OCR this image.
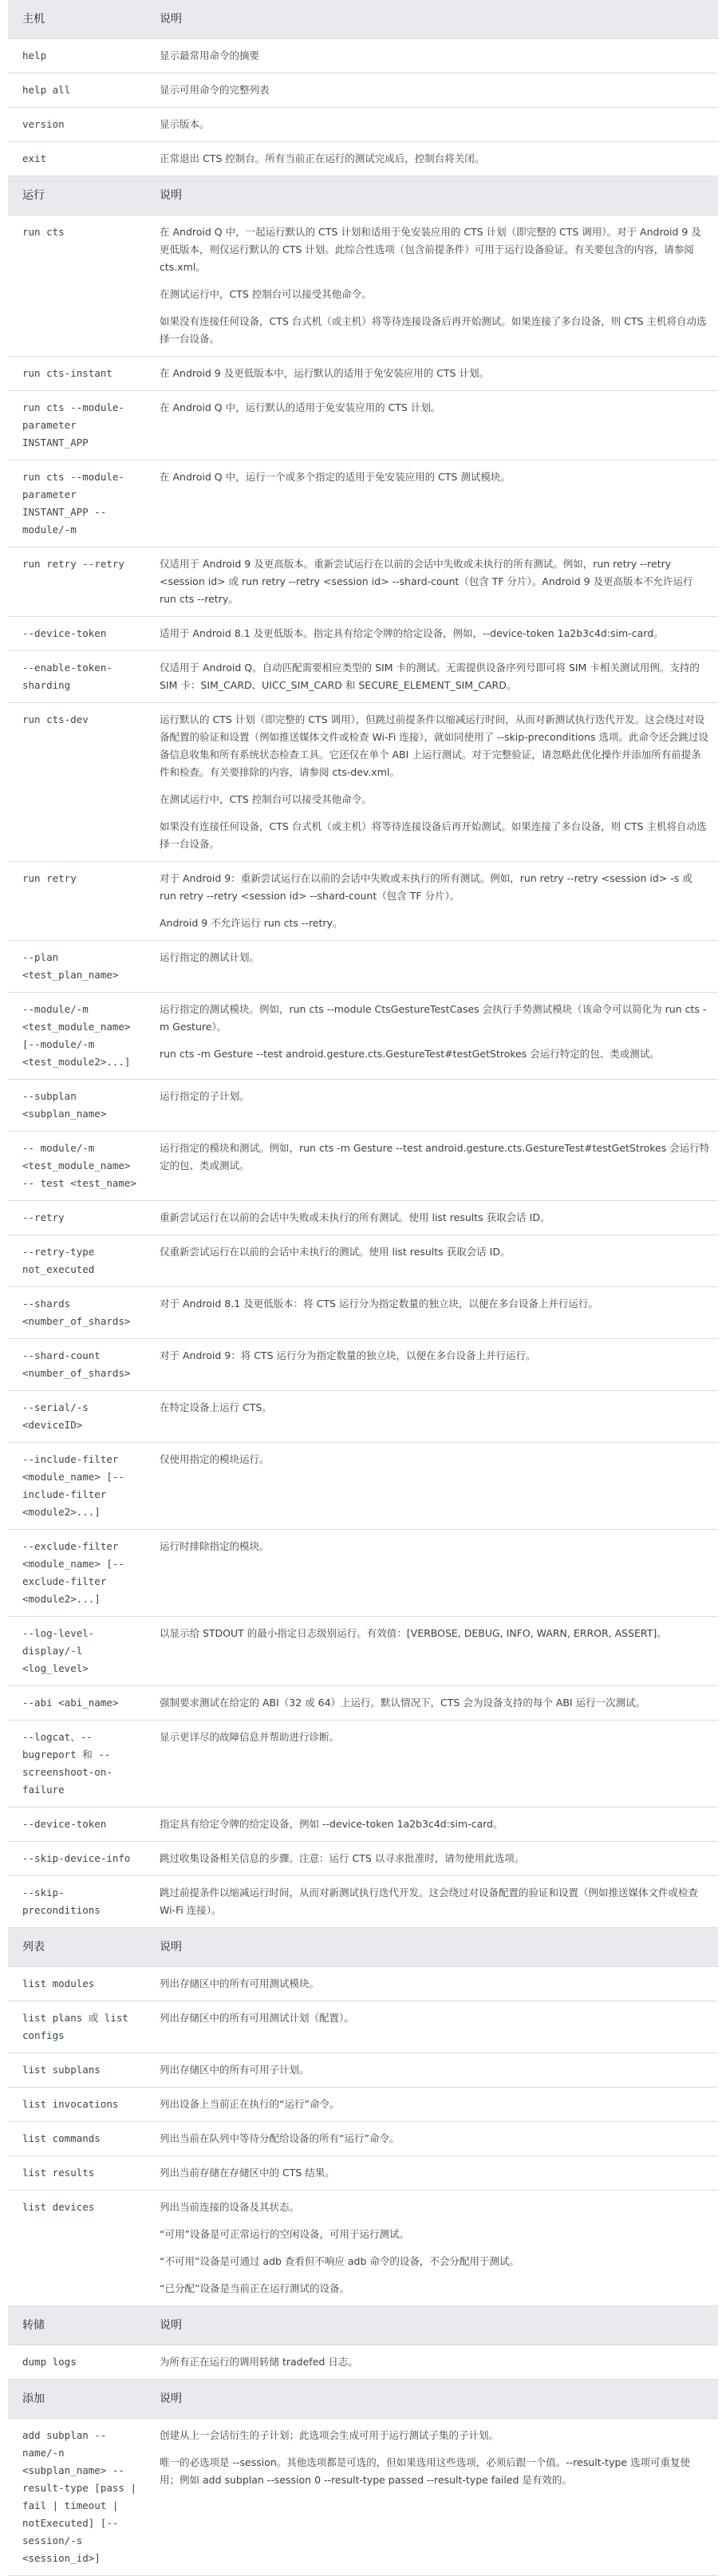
主机	说明
help	显示最常用命令的摘要

help all	显示可用命令的完整列表

version	显示版本。

exit	正常退出 CTS 控制台。所有当前正在运行的测试完成后，控制台将关闭。

运行	说明
run cts	在 Android Q 中，一起运行默认的 CTS 计划和适用于免安装应用的 CTS 计划（即完整的 CTS 调用）。对于 Android 9 及更低版本，则仅运行默认的 CTS 计划。此综合性选项（包含前提条件）可用于运行设备验证。有关要包含的内容，请参阅 cts.xml。

在测试运行中，CTS 控制台可以接受其他命令。

如果没有连接任何设备，CTS 台式机（或主机）将等待连接设备后再开始测试。如果连接了多台设备，则 CTS 主机将自动选择一台设备。

run cts-instant	在 Android 9 及更低版本中，运行默认的适用于免安装应用的 CTS 计划。

run cts --module-parameter INSTANT_APP	在 Android Q 中，运行默认的适用于免安装应用的 CTS 计划。

run cts --module-parameter INSTANT_APP --module/-m	在 Android Q 中，运行一个或多个指定的适用于免安装应用的 CTS 测试模块。

run retry --retry	仅适用于 Android 9 及更高版本。重新尝试运行在以前的会话中失败或未执行的所有测试。例如，run retry --retry <session id> 或 run retry --retry <session id> --shard-count（包含 TF 分片）。Android 9 及更高版本不允许运行 run cts --retry。

--device-token	适用于 Android 8.1 及更低版本。指定具有给定令牌的给定设备，例如，--device-token 1a2b3c4d:sim-card。

--enable-token-sharding	仅适用于 Android Q。自动匹配需要相应类型的 SIM 卡的测试。无需提供设备序列号即可将 SIM 卡相关测试用例。支持的 SIM 卡：SIM_CARD、UICC_SIM_CARD 和 SECURE_ELEMENT_SIM_CARD。

run cts-dev	运行默认的 CTS 计划（即完整的 CTS 调用），但跳过前提条件以缩减运行时间，从而对新测试执行迭代开发。这会绕过对设备配置的验证和设置（例如推送媒体文件或检查 Wi-Fi 连接），就如同使用了 --skip-preconditions 选项。此命令还会跳过设备信息收集和所有系统状态检查工具。它还仅在单个 ABI 上运行测试。对于完整验证，请忽略此优化操作并添加所有前提条件和检查。有关要排除的内容，请参阅 cts-dev.xml。

在测试运行中，CTS 控制台可以接受其他命令。

如果没有连接任何设备，CTS 台式机（或主机）将等待连接设备后再开始测试。如果连接了多台设备，则 CTS 主机将自动选择一台设备。

run retry	对于 Android 9：重新尝试运行在以前的会话中失败或未执行的所有测试。例如，run retry --retry <session id> -s 或 run retry --retry <session id> --shard-count（包含 TF 分片）。

Android 9 不允许运行 run cts --retry。

--plan <test_plan_name>	运行指定的测试计划。

--module/-m <test_module_name> [--module/-m <test_module2>...]	运行指定的测试模块。例如，run cts --module CtsGestureTestCases 会执行手势测试模块（该命令可以简化为 run cts -m Gesture）。

run cts -m Gesture --test android.gesture.cts.GestureTest#testGetStrokes 会运行特定的包、类或测试。

--subplan <subplan_name>	运行指定的子计划。

-- module/-m <test_module_name> -- test <test_name>	运行指定的模块和测试。例如，run cts -m Gesture --test android.gesture.cts.GestureTest#testGetStrokes 会运行特定的包、类或测试。

--retry	重新尝试运行在以前的会话中失败或未执行的所有测试。使用 list results 获取会话 ID。

--retry-type not_executed	仅重新尝试运行在以前的会话中未执行的测试。使用 list results 获取会话 ID。

--shards <number_of_shards>	对于 Android 8.1 及更低版本：将 CTS 运行分为指定数量的独立块，以便在多台设备上并行运行。

--shard-count <number_of_shards>	对于 Android 9：将 CTS 运行分为指定数量的独立块，以便在多台设备上并行运行。

--serial/-s <deviceID>	在特定设备上运行 CTS。

--include-filter <module_name> [--include-filter <module2>...]	仅使用指定的模块运行。

--exclude-filter <module_name> [--exclude-filter <module2>...]	运行时排除指定的模块。

--log-level-display/-l <log_level>	以显示给 STDOUT 的最小指定日志级别运行。有效值：[VERBOSE, DEBUG, INFO, WARN, ERROR, ASSERT]。

--abi <abi_name>	强制要求测试在给定的 ABI（32 或 64）上运行。默认情况下，CTS 会为设备支持的每个 ABI 运行一次测试。

--logcat、--bugreport 和 --screenshoot-on-failure	显示更详尽的故障信息并帮助进行诊断。

--device-token	指定具有给定令牌的给定设备，例如 --device-token 1a2b3c4d:sim-card。

--skip-device-info	跳过收集设备相关信息的步骤。注意：运行 CTS 以寻求批准时，请勿使用此选项。

--skip-preconditions	跳过前提条件以缩减运行时间，从而对新测试执行迭代开发。这会绕过对设备配置的验证和设置（例如推送媒体文件或检查 Wi-Fi 连接）。

列表	说明
list modules	列出存储区中的所有可用测试模块。

list plans 或 list configs	列出存储区中的所有可用测试计划（配置）。

list subplans	列出存储区中的所有可用子计划。

list invocations	列出设备上当前正在执行的“运行”命令。

list commands	列出当前在队列中等待分配给设备的所有“运行”命令。

list results	列出当前存储在存储区中的 CTS 结果。

list devices	列出当前连接的设备及其状态。

“可用”设备是可正常运行的空闲设备，可用于运行测试。

“不可用”设备是可通过 adb 查看但不响应 adb 命令的设备，不会分配用于测试。

“已分配”设备是当前正在运行测试的设备。

转储	说明
dump logs	为所有正在运行的调用转储 tradefed 日志。

添加	说明
add subplan --name/-n <subplan_name> --result-type [pass | fail | timeout | notExecuted] [--session/-s <session_id>]	创建从上一会话衍生的子计划；此选项会生成可用于运行测试子集的子计划。

唯一的必选项是 --session。其他选项都是可选的，但如果选用这些选项，必须后跟一个值。--result-type 选项可重复使用；例如 add subplan --session 0 --result-type passed --result-type failed 是有效的。
